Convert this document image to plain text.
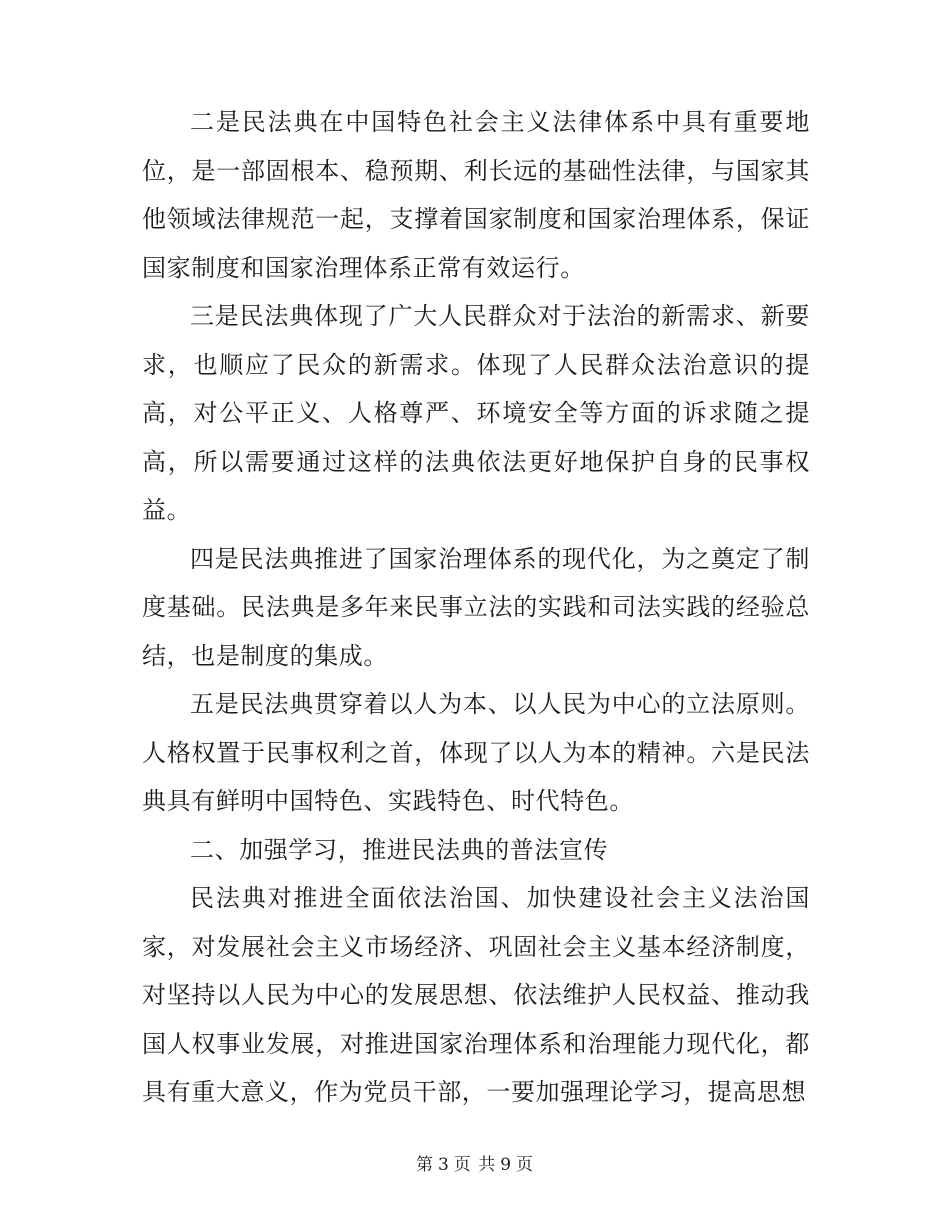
二是民法典在中国特色社会主义法律体系中具有重要地位，是一部固根本、稳预期、利长远的基础性法律，与国家其他领域法律规范一起，支撑着国家制度和国家治理体系，保证国家制度和国家治理体系正常有效运行。

三是民法典体现了广大人民群众对于法治的新需求、新要求，也顺应了民众的新需求。体现了人民群众法治意识的提高，对公平正义、人格尊严、环境安全等方面的诉求随之提高，所以需要通过这样的法典依法更好地保护自身的民事权益。

四是民法典推进了国家治理体系的现代化，为之奠定了制度基础。民法典是多年来民事立法的实践和司法实践的经验总结，也是制度的集成。

五是民法典贯穿着以人为本、以人民为中心的立法原则。人格权置于民事权利之首，体现了以人为本的精神。六是民法典具有鲜明中国特色、实践特色、时代特色。

二、加强学习，推进民法典的普法宣传

民法典对推进全面依法治国、加快建设社会主义法治国家，对发展社会主义市场经济、巩固社会主义基本经济制度，对坚持以人民为中心的发展思想、依法维护人民权益、推动我国人权事业发展，对推进国家治理体系和治理能力现代化，都具有重大意义，作为党员干部，一要加强理论学习，提高思想

第 3 页 共 9 页
